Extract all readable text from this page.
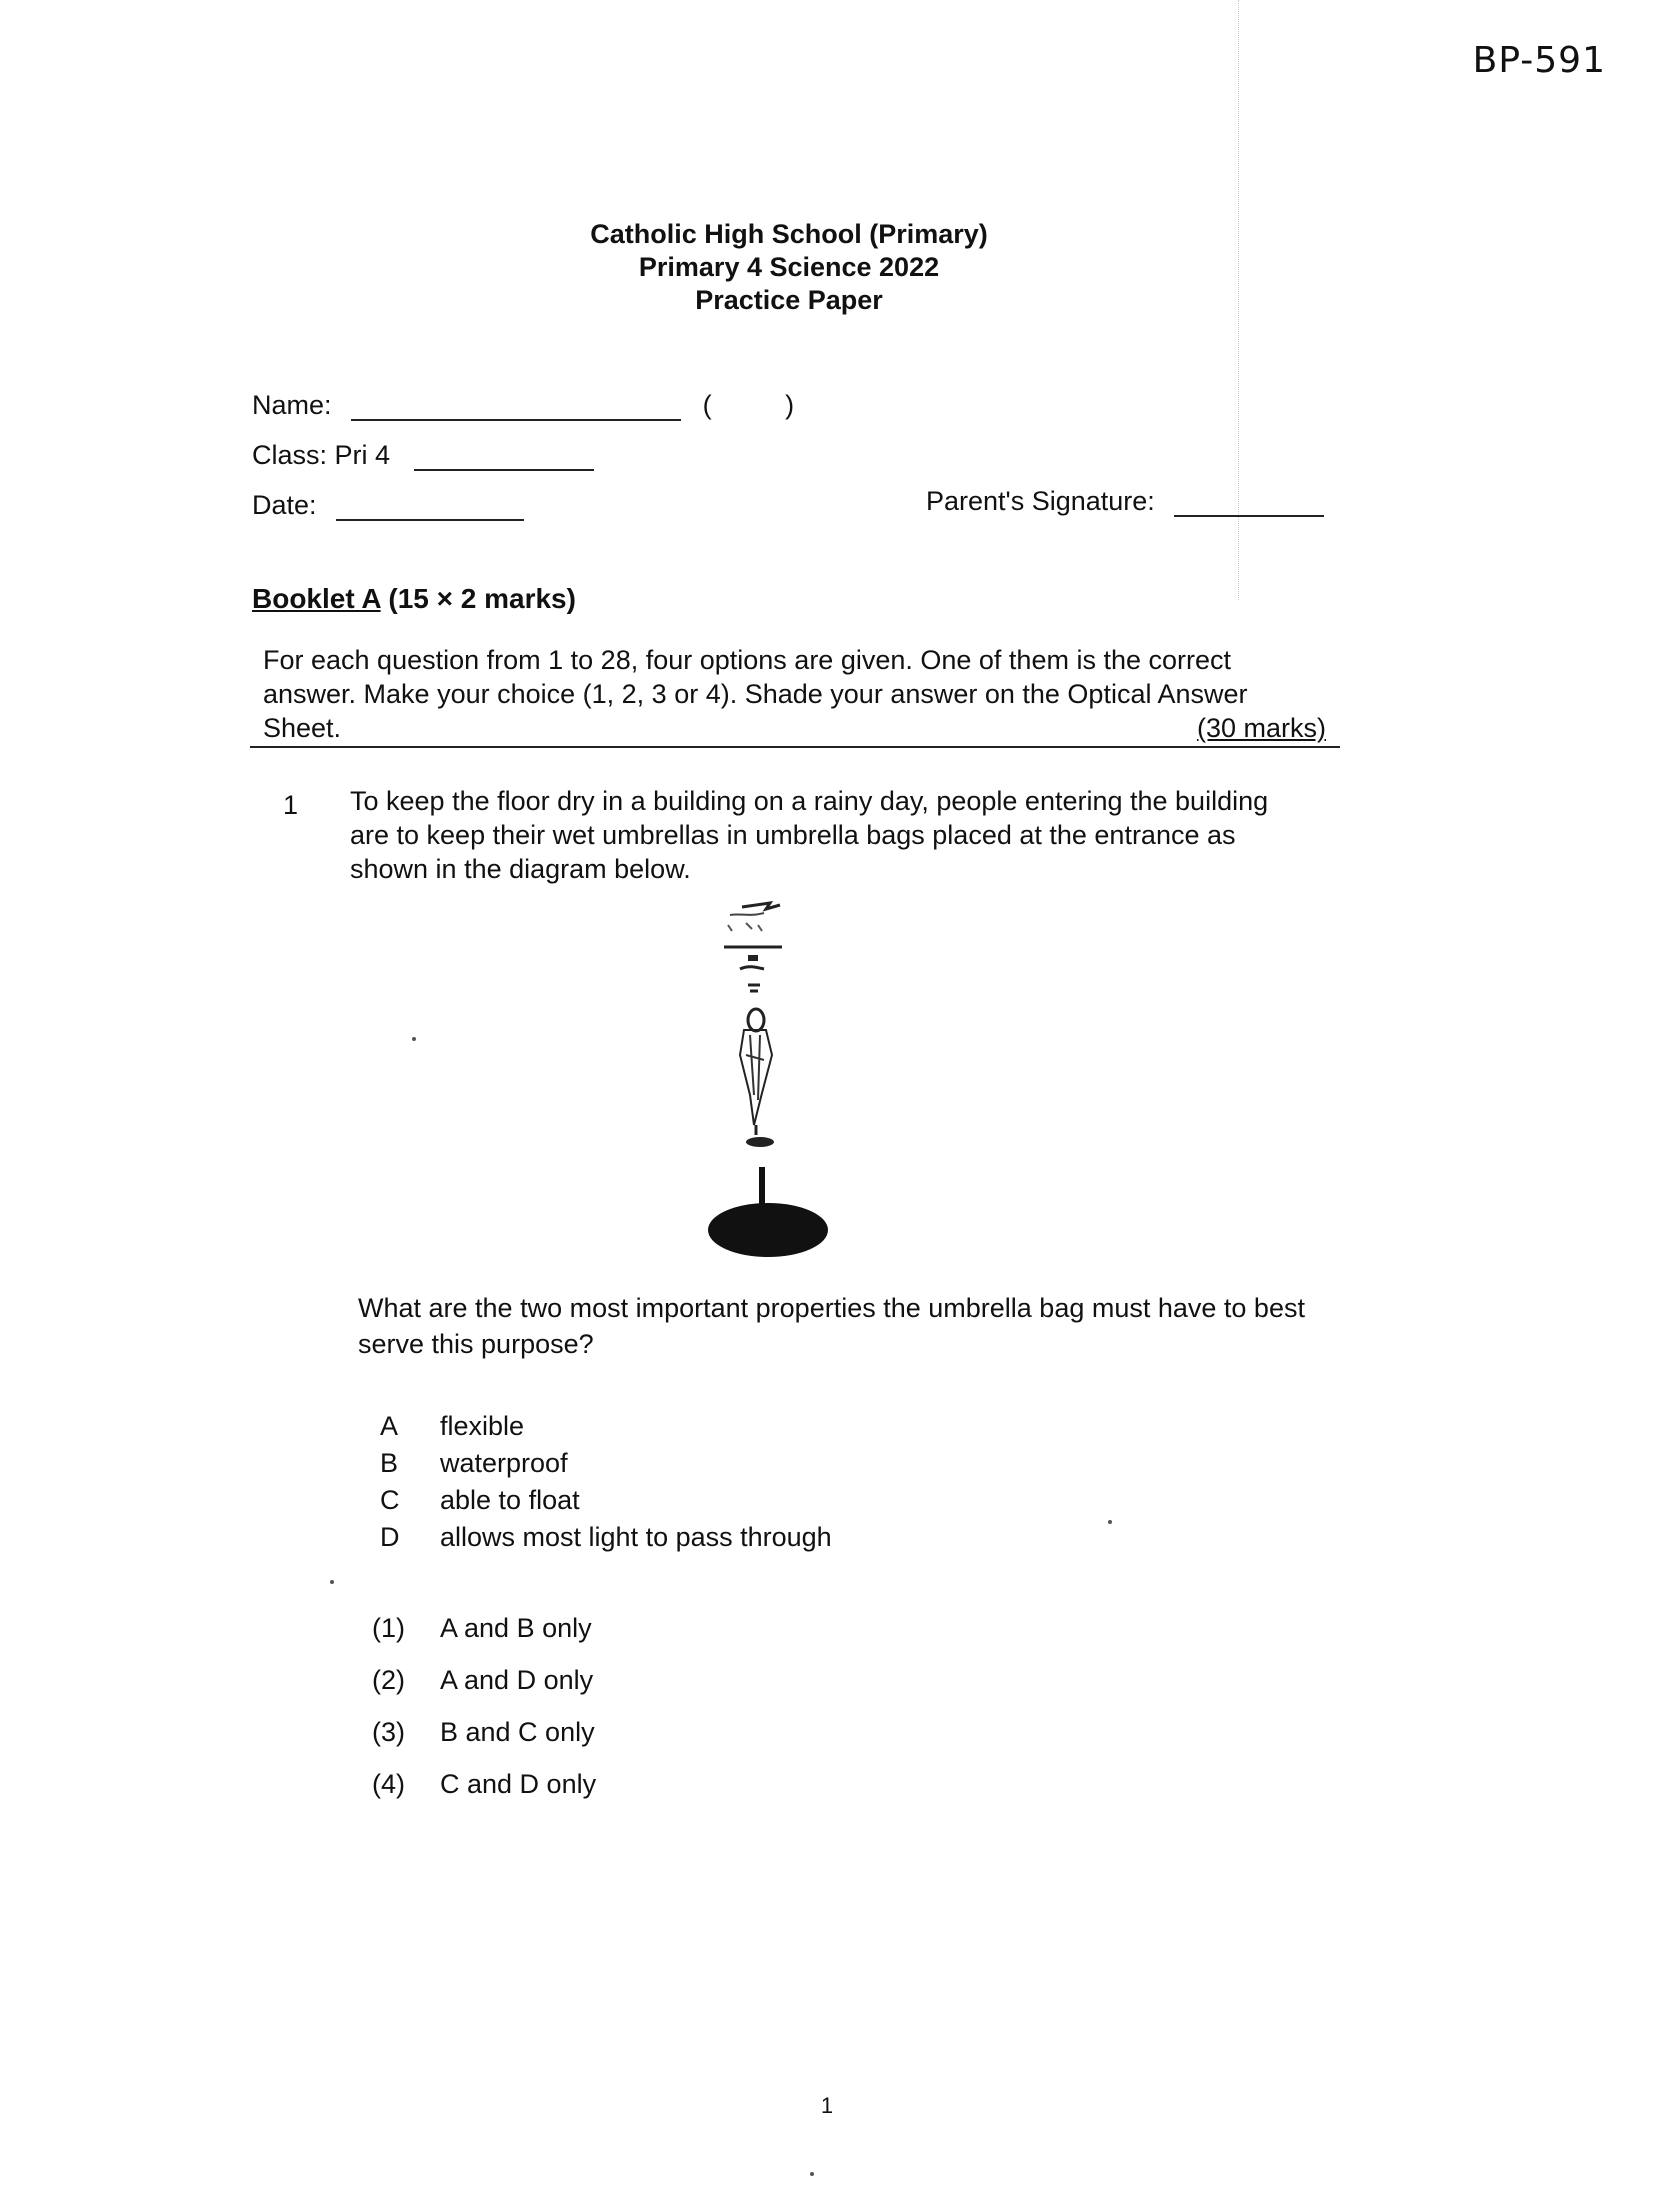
BP-591
Catholic High School (Primary)
Primary 4 Science 2022
Practice Paper
Name:	(	)
Class: Pri 4
Date:	Parent's Signature:
Booklet A (15 × 2 marks)
For each question from 1 to 28, four options are given. One of them is the correct answer. Make your choice (1, 2, 3 or 4). Shade your answer on the Optical Answer
Sheet.	(30 marks)
1 To keep the floor dry in a building on a rainy day, people entering the building are to keep their wet umbrellas in umbrella bags placed at the entrance as shown in the diagram below.
What are the two most important properties the umbrella bag must have to best serve this purpose?
A flexible
B waterproof
C able to float
D allows most light to pass through
(1) A and B only
(2) A and D only
(3) B and C only
(4) C and D only
1
